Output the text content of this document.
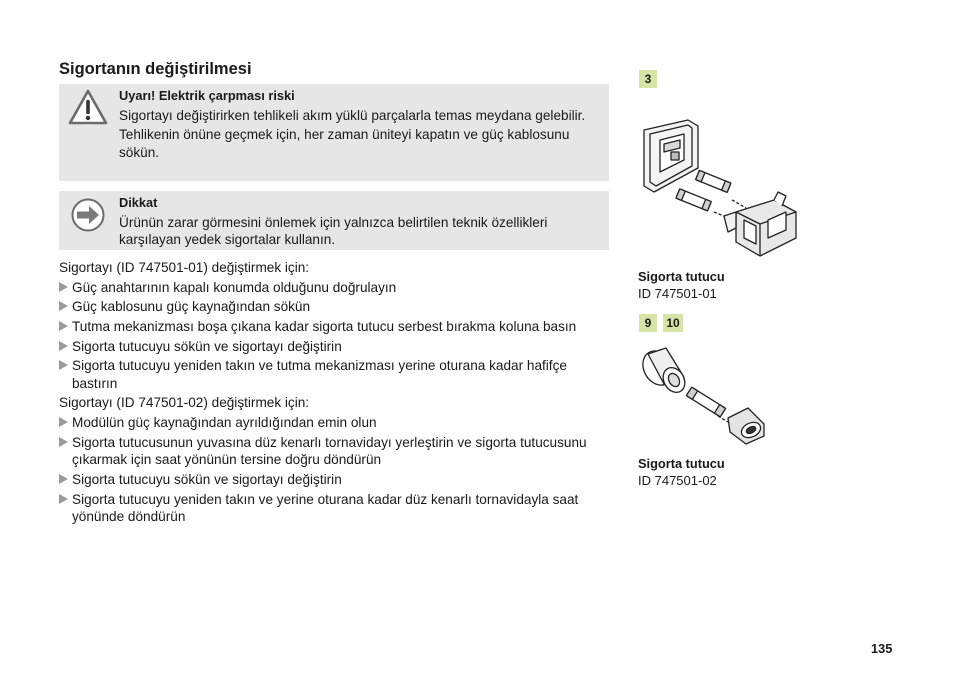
Sigortanın değiştirilmesi
Uyarı! Elektrik çarpması riski

Sigortayı değiştirirken tehlikeli akım yüklü parçalarla temas meydana gelebilir.

Tehlikenin önüne geçmek için, her zaman üniteyi kapatın ve güç kablosunu sökün.

Dikkat

Ürünün zarar görmesini önlemek için yalnızca belirtilen teknik özellikleri karşılayan yedek sigortalar kullanın.

Sigortayı (ID 747501-01) değiştirmek için:
Güç anahtarının kapalı konumda olduğunu doğrulayın
Güç kablosunu güç kaynağından sökün
Tutma mekanizması boşa çıkana kadar sigorta tutucu serbest bırakma koluna basın
Sigorta tutucuyu sökün ve sigortayı değiştirin
Sigorta tutucuyu yeniden takın ve tutma mekanizması yerine oturana kadar hafifçe bastırın
Sigortayı (ID 747501-02) değiştirmek için:
Modülün güç kaynağından ayrıldığından emin olun
Sigorta tutucusunun yuvasına düz kenarlı tornavidayı yerleştirin ve sigorta tutucusunu çıkarmak için saat yönünün tersine doğru döndürün
Sigorta tutucuyu sökün ve sigortayı değiştirin
Sigorta tutucuyu yeniden takın ve yerine oturana kadar düz kenarlı tornavidayla saat yönünde döndürün
3
Sigorta tutucu
ID 747501-01
9	10
Sigorta tutucu
ID 747501-02
135
